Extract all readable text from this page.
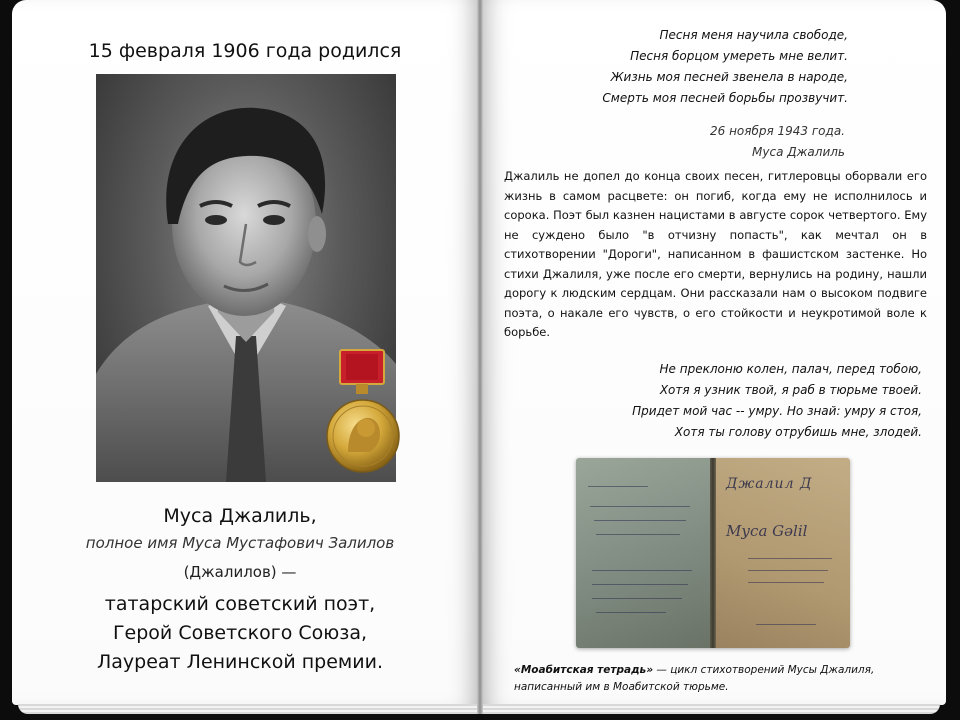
15 февраля 1906 года родился
Муса Джалиль,
полное имя Муса Мустафович Залилов
(Джалилов) —
татарский советский поэт,
Герой Советского Союза,
Лауреат Ленинской премии.
Песня меня научила свободе,
Песня борцом умереть мне велит.
Жизнь моя песней звенела в народе,
Смерть моя песней борьбы прозвучит.
26 ноября 1943 года.
Муса Джалиль
Джалиль не допел до конца своих песен, гитлеровцы оборвали его жизнь в самом расцвете: он погиб, когда ему не исполнилось и сорока. Поэт был казнен нацистами в августе сорок четвертого. Ему не суждено было "в отчизну попасть", как мечтал он в стихотворении "Дороги", написанном в фашистском застенке. Но стихи Джалиля, уже после его смерти, вернулись на родину, нашли дорогу к людским сердцам. Они рассказали нам о высоком подвиге поэта, о накале его чувств, о его стойкости и неукротимой воле к борьбе.
Не преклоню колен, палач, перед тобою,
Хотя я узник твой, я раб в тюрьме твоей.
Придет мой час -- умру. Но знай: умру я стоя,
Хотя ты голову отрубишь мне, злодей.
Джалил Д
Муса Gəlil
«Моабитская тетрадь» — цикл стихотворений Мусы Джалиля, написанный им в Моабитской тюрьме.
